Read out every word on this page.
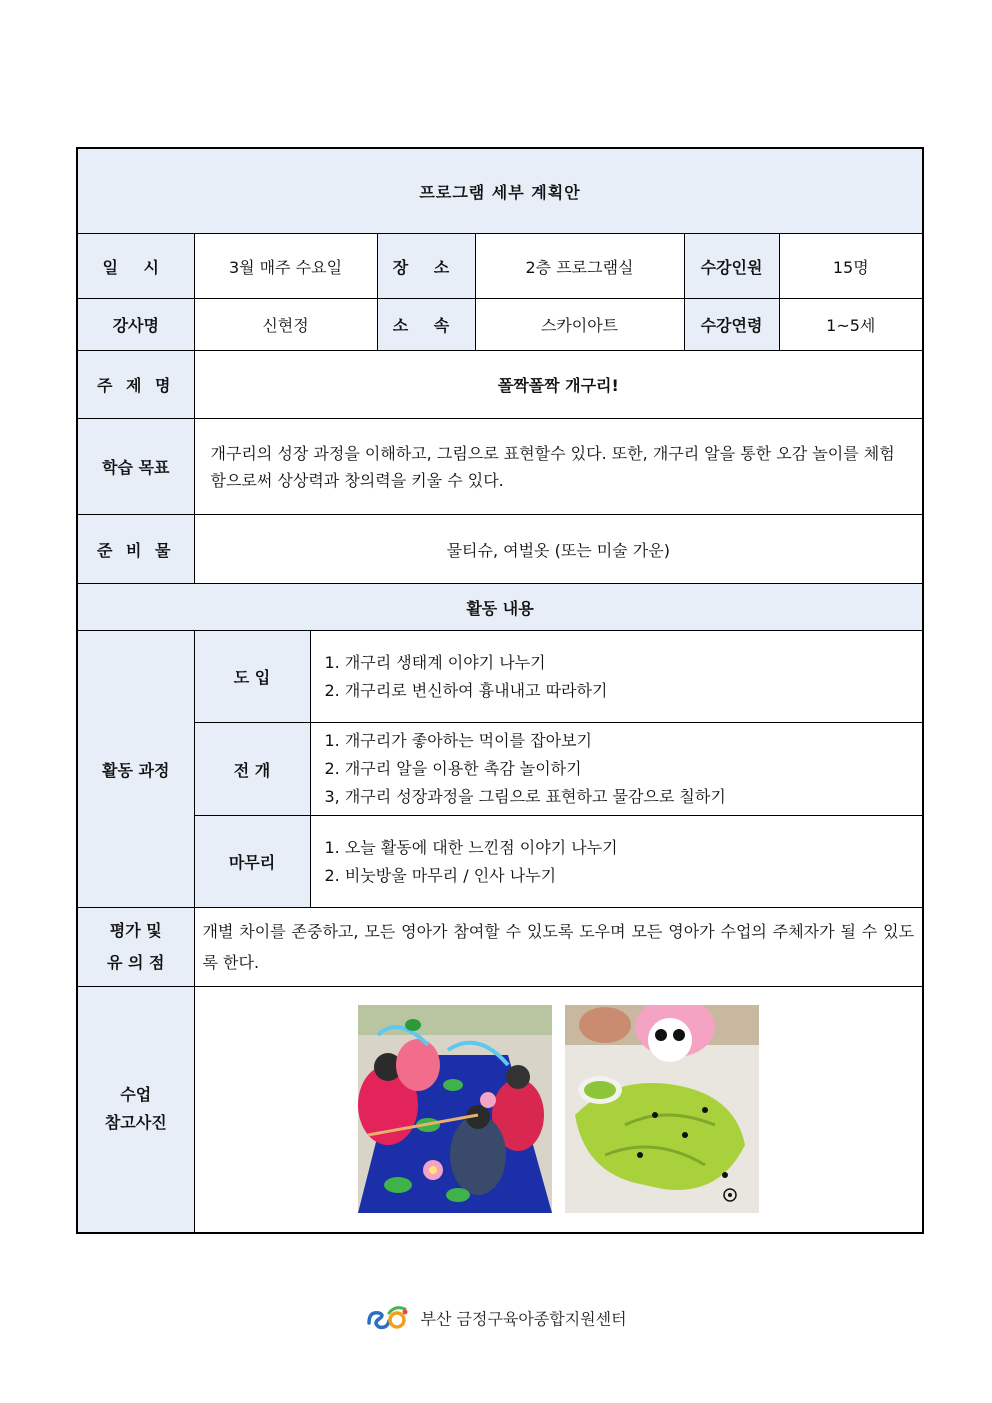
프로그램 세부 계획안						
일 시	3월 매주 수요일		장 소	2층 프로그램실	수강인원	15명
강사명	신현정		소 속	스카이아트	수강연령	1~5세
주 제 명	폴짝폴짝 개구리!					
학습 목표	개구리의 성장 과정을 이해하고, 그림으로 표현할수 있다. 또한, 개구리 알을 통한 오감 놀이를 체험함으로써 상상력과 창의력을 키울 수 있다.					
준 비 물	물티슈, 여벌옷 (또는 미술 가운)					
활동 내용						
활동 과정	도 입	1. 개구리 생태계 이야기 나누기
2. 개구리로 변신하여 흉내내고 따라하기				

	전 개	1. 개구리가 좋아하는 먹이를 잡아보기
2. 개구리 알을 이용한 촉감 놀이하기
3, 개구리 성장과정을 그림으로 표현하고 물감으로 칠하기				

	마무리	1. 오늘 활동에 대한 느낀점 이야기 나누기
2. 비눗방울 마무리 / 인사 나누기				

평가 및
유 의 점	개별 차이를 존중하고, 모든 영아가 참여할 수 있도록 도우며 모든 영아가 수업의 주체자가 될 수 있도록 한다.					

수업
참고사진

부산 금정구육아종합지원센터
